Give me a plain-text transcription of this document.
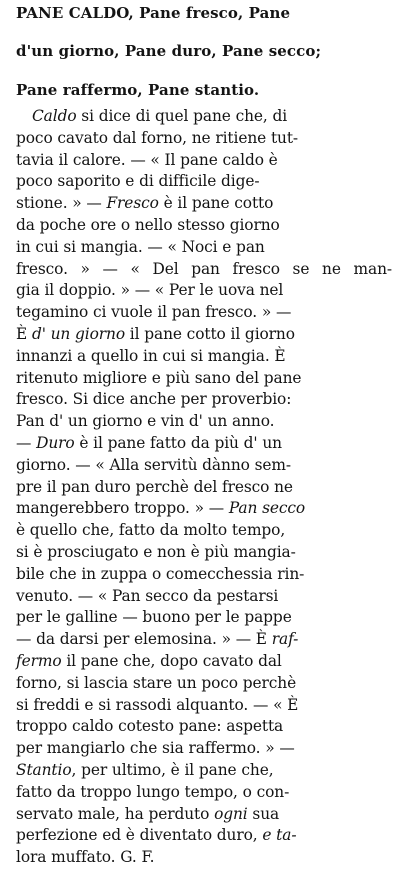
PANE CALDO, Pane fresco, Pane

d'un giorno, Pane duro, Pane secco;

Pane raffermo, Pane stantio.
Caldo si dice di quel pane che, di
poco cavato dal forno, ne ritiene tut-
tavia il calore. — « Il pane caldo è
poco saporito e di difficile dige-
stione. » — Fresco è il pane cotto
da poche ore o nello stesso giorno
in cui si mangia. — « Noci e pan
fresco. » — « Del pan fresco se ne man-
gia il doppio. » — « Per le uova nel
tegamino ci vuole il pan fresco. » —
È d' un giorno il pane cotto il giorno
innanzi a quello in cui si mangia. È
ritenuto migliore e più sano del pane
fresco. Si dice anche per proverbio:
Pan d' un giorno e vin d' un anno.
— Duro è il pane fatto da più d' un
giorno. — « Alla servitù dànno sem-
pre il pan duro perchè del fresco ne
mangerebbero troppo. » — Pan secco
è quello che, fatto da molto tempo,
si è prosciugato e non è più mangia-
bile che in zuppa o comecchessia rin-
venuto. — « Pan secco da pestarsi
per le galline — buono per le pappe
— da darsi per elemosina. » — È raf-
fermo il pane che, dopo cavato dal
forno, si lascia stare un poco perchè
si freddi e si rassodi alquanto. — « È
troppo caldo cotesto pane: aspetta
per mangiarlo che sia raffermo. » —
Stantio, per ultimo, è il pane che,
fatto da troppo lungo tempo, o con-
servato male, ha perduto ogni sua
perfezione ed è diventato duro, e ta-
lora muffato. G. F.
